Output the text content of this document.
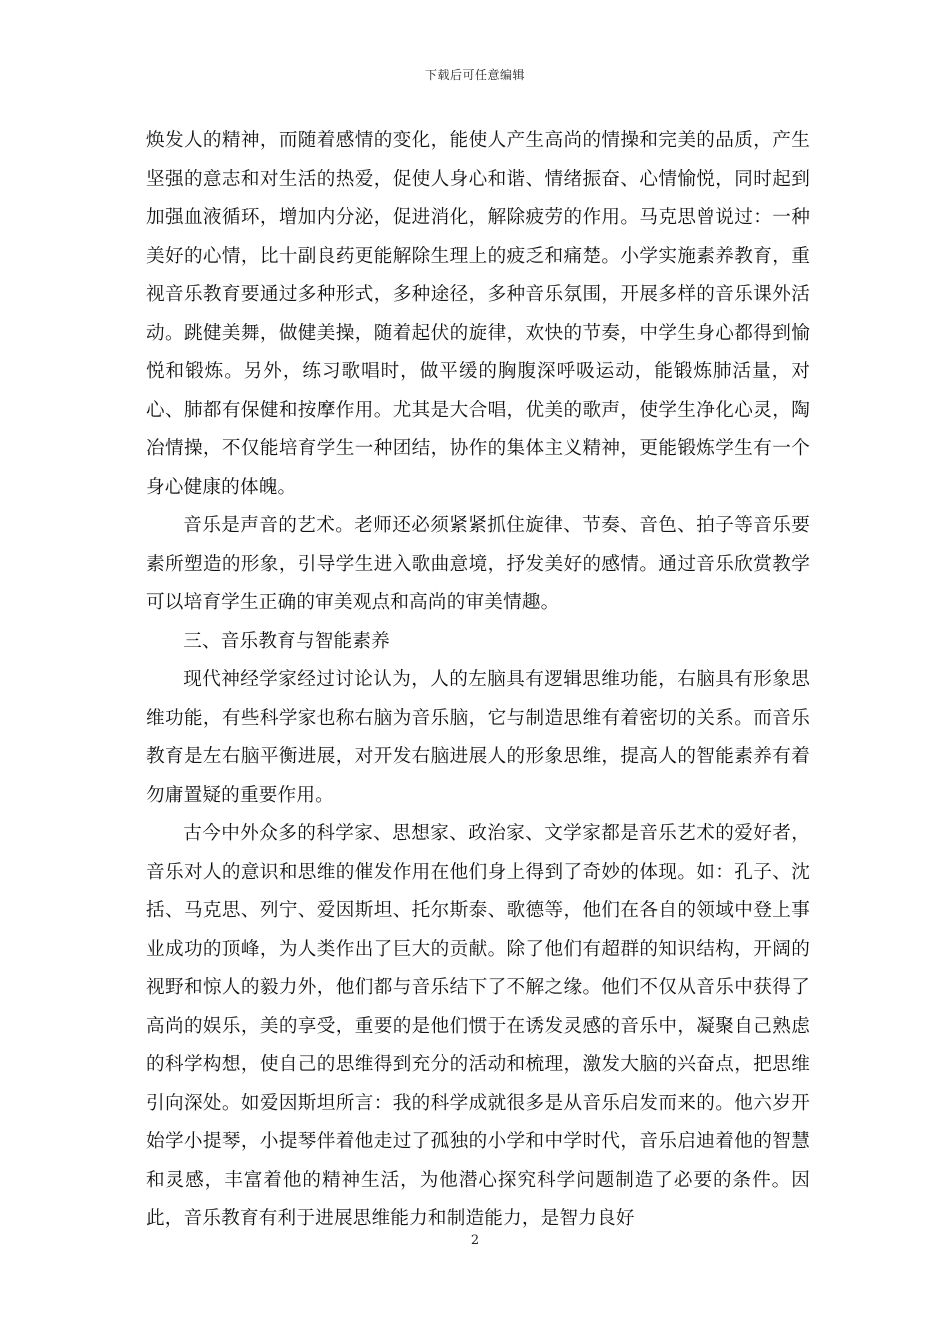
下载后可任意编辑

焕发人的精神，而随着感情的变化，能使人产生高尚的情操和完美的品质，产生坚强的意志和对生活的热爱，促使人身心和谐、情绪振奋、心情愉悦，同时起到加强血液循环，增加内分泌，促进消化，解除疲劳的作用。马克思曾说过：一种美好的心情，比十副良药更能解除生理上的疲乏和痛楚。小学实施素养教育，重视音乐教育要通过多种形式，多种途径，多种音乐氛围，开展多样的音乐课外活动。跳健美舞，做健美操，随着起伏的旋律，欢快的节奏，中学生身心都得到愉悦和锻炼。另外，练习歌唱时，做平缓的胸腹深呼吸运动，能锻炼肺活量，对心、肺都有保健和按摩作用。尤其是大合唱，优美的歌声，使学生净化心灵，陶冶情操，不仅能培育学生一种团结，协作的集体主义精神，更能锻炼学生有一个身心健康的体魄。

音乐是声音的艺术。老师还必须紧紧抓住旋律、节奏、音色、拍子等音乐要素所塑造的形象，引导学生进入歌曲意境，抒发美好的感情。通过音乐欣赏教学可以培育学生正确的审美观点和高尚的审美情趣。

三、音乐教育与智能素养

现代神经学家经过讨论认为，人的左脑具有逻辑思维功能，右脑具有形象思维功能，有些科学家也称右脑为音乐脑，它与制造思维有着密切的关系。而音乐教育是左右脑平衡进展，对开发右脑进展人的形象思维，提高人的智能素养有着勿庸置疑的重要作用。

古今中外众多的科学家、思想家、政治家、文学家都是音乐艺术的爱好者，音乐对人的意识和思维的催发作用在他们身上得到了奇妙的体现。如：孔子、沈括、马克思、列宁、爱因斯坦、托尔斯泰、歌德等，他们在各自的领域中登上事业成功的顶峰，为人类作出了巨大的贡献。除了他们有超群的知识结构，开阔的视野和惊人的毅力外，他们都与音乐结下了不解之缘。他们不仅从音乐中获得了高尚的娱乐，美的享受，重要的是他们惯于在诱发灵感的音乐中，凝聚自己熟虑的科学构想，使自己的思维得到充分的活动和梳理，激发大脑的兴奋点，把思维引向深处。如爱因斯坦所言：我的科学成就很多是从音乐启发而来的。他六岁开始学小提琴，小提琴伴着他走过了孤独的小学和中学时代，音乐启迪着他的智慧和灵感，丰富着他的精神生活，为他潜心探究科学问题制造了必要的条件。因此，音乐教育有利于进展思维能力和制造能力，是智力良好

2
